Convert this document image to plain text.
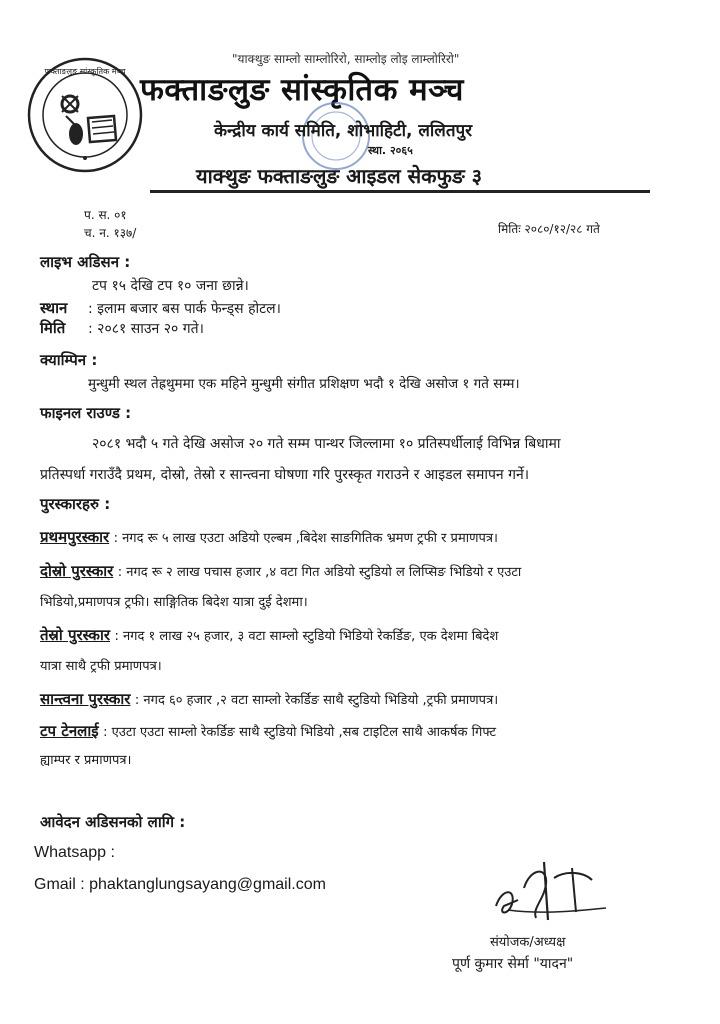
"याक्थुङ साम्लो साम्लोरिरो, साम्लोइ लोइ लाम्लोरिरो"
फक्ताङलुङ सांस्कृतिक मञ्च
फक्ताङलुङ सांस्कृतिक मञ्च
केन्द्रीय कार्य समिति, शोभाहिटी, ललितपुर
स्था. २०६५
याक्थुङ फक्ताङलुङ आइडल सेकफुङ ३
प. स. ०१
च. न. १३७/	मितिः २०८०/१२/२८ गते
लाइभ अडिसन :
टप १५ देखि टप १० जना छान्ने।
स्थान : इलाम बजार बस पार्क फेन्ड्स होटल।
मिति : २०८१ साउन २० गते।
क्याम्पिन :
मुन्धुमी स्थल तेह्रथुममा एक महिने मुन्धुमी संगीत प्रशिक्षण भदौ १ देखि असोज १ गते सम्म।
फाइनल राउण्ड :
२०८१ भदौ ५ गते देखि असोज २० गते सम्म पान्थर जिल्लामा १० प्रतिस्पर्धीलाई विभिन्न बिधामा
प्रतिस्पर्धा गराउँदै प्रथम, दोस्रो, तेस्रो र सान्त्वना घोषणा गरि पुरस्कृत गराउने र आइडल समापन गर्ने।
पुरस्कारहरु :
प्रथमपुरस्कार : नगद रू ५ लाख एउटा अडियो एल्बम ,बिदेश साङगितिक भ्रमण ट्रफी र प्रमाणपत्र।
दोस्रो पुरस्कार : नगद रू २ लाख पचास हजार ,४ वटा गित अडियो स्टुडियो ल लिप्सिङ भिडियो र एउटा
भिडियो,प्रमाणपत्र ट्रफी। साङ्गितिक बिदेश यात्रा दुई देशमा।
तेस्रो पुरस्कार : नगद १ लाख २५ हजार, ३ वटा साम्लो स्टुडियो भिडियो रेकर्डिङ, एक देशमा बिदेश
यात्रा साथै ट्रफी प्रमाणपत्र।
सान्त्वना पुरस्कार : नगद ६० हजार ,२ वटा साम्लो रेकर्डिङ साथै स्टुडियो भिडियो ,ट्रफी प्रमाणपत्र।
टप टेनलाई : एउटा एउटा साम्लो रेकर्डिङ साथै स्टुडियो भिडियो ,सब टाइटिल साथै आकर्षक गिफ्ट
ह्याम्पर र प्रमाणपत्र।
आवेदन अडिसनको लागि :
Whatsapp :
Gmail : phaktanglungsayang@gmail.com
संयोजक/अध्यक्ष
पूर्ण कुमार सेर्मा "यादन"
